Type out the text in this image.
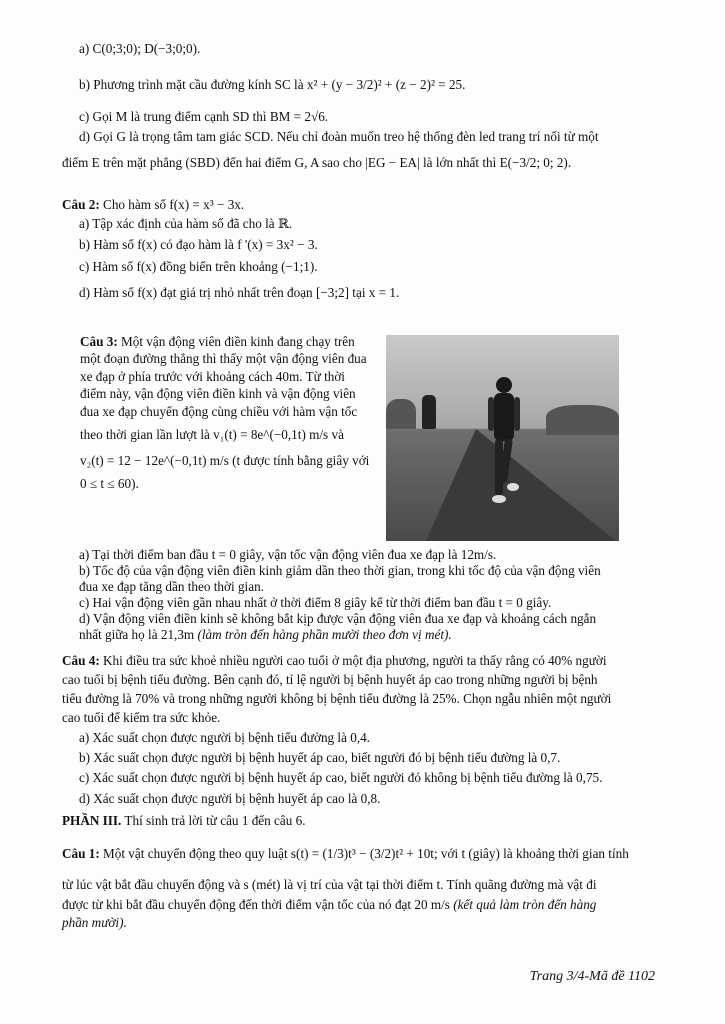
a) C(0;3;0); D(−3;0;0).
b) Phương trình mặt cầu đường kính SC là x² + (y − 3/2)² + (z − 2)² = 25.
c) Gọi M là trung điểm cạnh SD thì BM = 2√6.
d) Gọi G là trọng tâm tam giác SCD. Nếu chỉ đoàn muốn treo hệ thống đèn led trang trí nối từ một
điểm E trên mặt phẳng (SBD) đến hai điểm G, A sao cho |EG − EA| là lớn nhất thì E(−3/2; 0; 2).
Câu 2: Cho hàm số f(x) = x³ − 3x.
a) Tập xác định của hàm số đã cho là ℝ.
b) Hàm số f(x) có đạo hàm là f '(x) = 3x² − 3.
c) Hàm số f(x) đồng biến trên khoảng (−1;1).
d) Hàm số f(x) đạt giá trị nhỏ nhất trên đoạn [−3;2] tại x = 1.
Câu 3: Một vận động viên điền kinh đang chạy trên
một đoạn đường thẳng thì thấy một vận động viên đua
xe đạp ở phía trước với khoảng cách 40m. Từ thời
điểm này, vận động viên điền kinh và vận động viên
đua xe đạp chuyển động cùng chiều với hàm vận tốc
theo thời gian lần lượt là v₁(t) = 8e^(−0,1t) m/s và
v₂(t) = 12 − 12e^(−0,1t) m/s (t được tính bằng giây với
0 ≤ t ≤ 60).
a) Tại thời điểm ban đầu t = 0 giây, vận tốc vận động viên đua xe đạp là 12m/s.
b) Tốc độ của vận động viên điền kinh giảm dần theo thời gian, trong khi tốc độ của vận động viên
đua xe đạp tăng dần theo thời gian.
c) Hai vận động viên gần nhau nhất ở thời điểm 8 giây kể từ thời điểm ban đầu t = 0 giây.
d) Vận động viên điền kinh sẽ không bắt kịp được vận động viên đua xe đạp và khoảng cách ngắn
nhất giữa họ là 21,3m (làm tròn đến hàng phần mười theo đơn vị mét).
Câu 4: Khi điều tra sức khoẻ nhiều người cao tuổi ở một địa phương, người ta thấy rằng có 40% người
cao tuổi bị bệnh tiểu đường. Bên cạnh đó, tỉ lệ người bị bệnh huyết áp cao trong những người bị bệnh
tiểu đường là 70% và trong những người không bị bệnh tiểu đường là 25%. Chọn ngẫu nhiên một người
cao tuổi để kiểm tra sức khỏe.
a) Xác suất chọn được người bị bệnh tiểu đường là 0,4.
b) Xác suất chọn được người bị bệnh huyết áp cao, biết người đó bị bệnh tiểu đường là 0,7.
c) Xác suất chọn được người bị bệnh huyết áp cao, biết người đó không bị bệnh tiểu đường là 0,75.
d) Xác suất chọn được người bị bệnh huyết áp cao là 0,8.
PHẦN III. Thí sinh trả lời từ câu 1 đến câu 6.
Câu 1: Một vật chuyển động theo quy luật s(t) = (1/3)t³ − (3/2)t² + 10t; với t (giây) là khoảng thời gian tính
từ lúc vật bắt đầu chuyển động và s (mét) là vị trí của vật tại thời điểm t. Tính quãng đường mà vật đi
được từ khi bắt đầu chuyển động đến thời điểm vận tốc của nó đạt 20 m/s (kết quả làm tròn đến hàng
phần mười).
Trang 3/4-Mã đề 1102
